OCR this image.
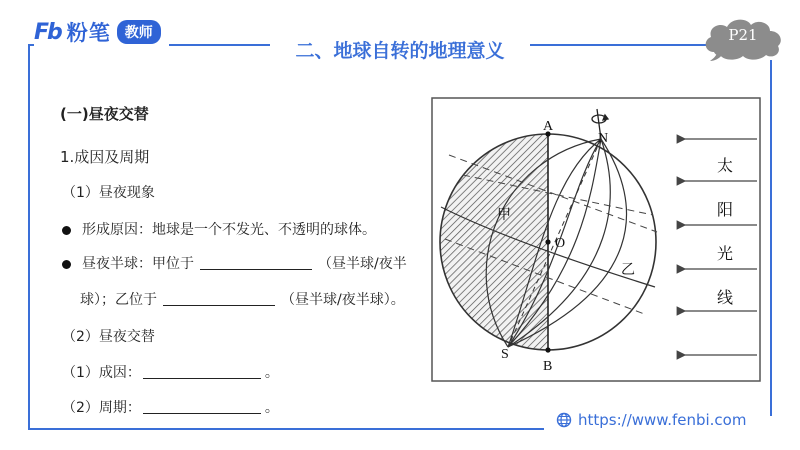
Fb 粉笔	教师
二、地球自转的地理意义
P21
(一)昼夜交替
1.成因及周期
（1）昼夜现象
形成原因：地球是一个不发光、不透明的球体。
昼夜半球：甲位于	（昼半球/夜半
球）；乙位于	（昼半球/夜半球）。
（2）昼夜交替
（1）成因：	。
（2）周期：	。
A
N
O
S
B
甲
乙
太
阳
光
线
https://www.fenbi.com
